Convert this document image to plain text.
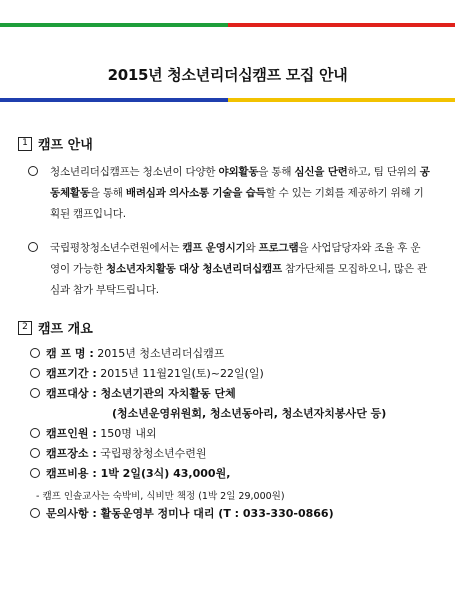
2015년 청소년리더십캠프 모집 안내
1 캠프 안내
청소년리더십캠프는 청소년이 다양한 야외활동을 통해 심신을 단련하고, 팀 단위의 공동체활동을 통해 배려심과 의사소통 기술을 습득할 수 있는 기회를 제공하기 위해 기획된 캠프입니다.
국립평창청소년수련원에서는 캠프 운영시기와 프로그램을 사업담당자와 조율 후 운영이 가능한 청소년자치활동 대상 청소년리더십캠프 참가단체를 모집하오니, 많은 관심과 참가 부탁드립니다.
2 캠프 개요
캠 프 명 : 2015년 청소년리더십캠프
캠프기간 : 2015년 11월21일(토)~22일(일)
캠프대상 : 청소년기관의 자치활동 단체
(청소년운영위원회, 청소년동아리, 청소년자치봉사단 등)
캠프인원 : 150명 내외
캠프장소 : 국립평창청소년수련원
캠프비용 : 1박 2일(3식) 43,000원,
- 캠프 인솔교사는 숙박비, 식비만 책정 (1박 2일 29,000원)
문의사항 : 활동운영부 정미나 대리 (T : 033-330-0866)
